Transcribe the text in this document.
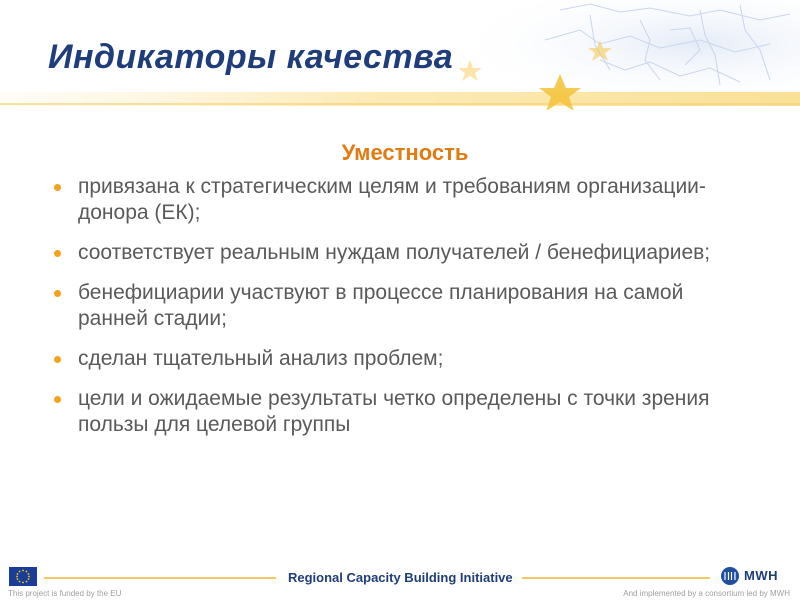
Индикаторы качества
Уместность
привязана к стратегическим целям и требованиям организации-донора (ЕК);
соответствует реальным нуждам получателей / бенефициариев;
бенефициарии участвуют в процессе планирования на самой ранней стадии;
сделан тщательный анализ проблем;
цели и ожидаемые результаты четко определены с точки зрения пользы для целевой группы
Regional Capacity Building Initiative	MWH
This project is funded by the EU	And implemented by a consortium led by MWH
